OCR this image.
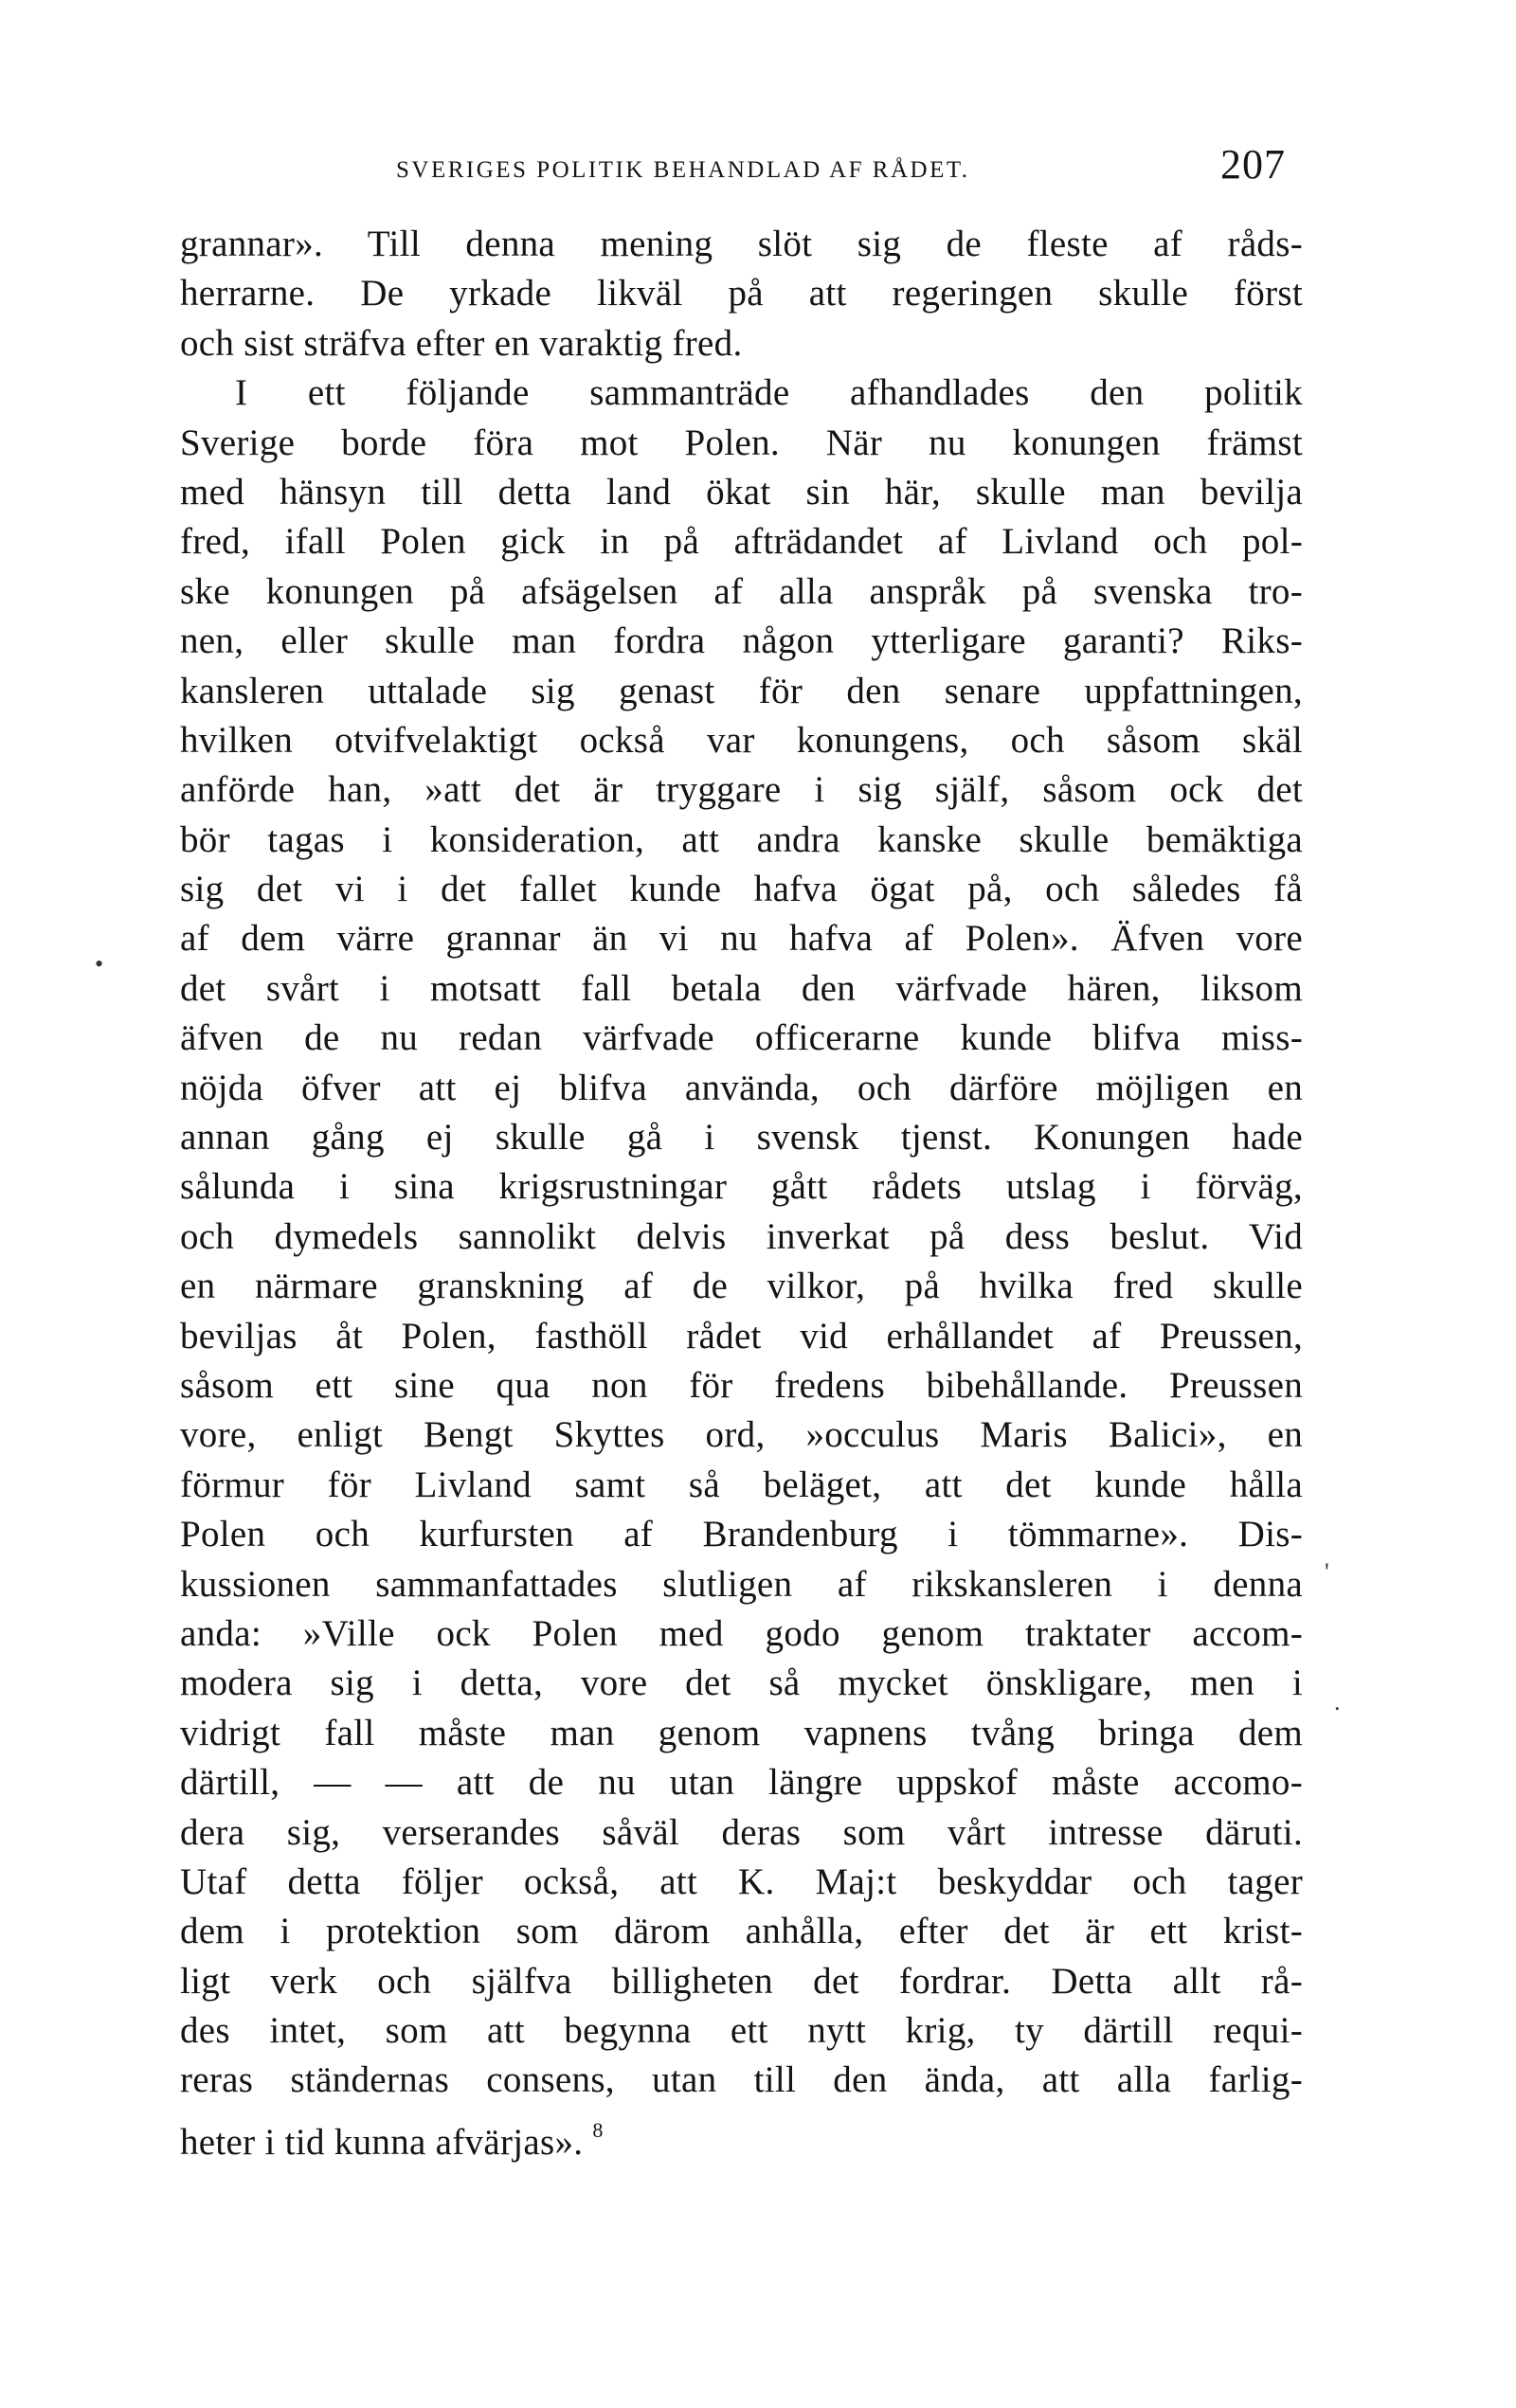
SVERIGES POLITIK BEHANDLAD AF RÅDET.	207
grannar». Till denna mening slöt sig de fleste af råds-
herrarne. De yrkade likväl på att regeringen skulle först
och sist sträfva efter en varaktig fred.
I ett följande sammanträde afhandlades den politik
Sverige borde föra mot Polen. När nu konungen främst
med hänsyn till detta land ökat sin här, skulle man bevilja
fred, ifall Polen gick in på afträdandet af Livland och pol-
ske konungen på afsägelsen af alla anspråk på svenska tro-
nen, eller skulle man fordra någon ytterligare garanti? Riks-
kansleren uttalade sig genast för den senare uppfattningen,
hvilken otvifvelaktigt också var konungens, och såsom skäl
anförde han, »att det är tryggare i sig själf, såsom ock det
bör tagas i konsideration, att andra kanske skulle bemäktiga
sig det vi i det fallet kunde hafva ögat på, och således få
af dem värre grannar än vi nu hafva af Polen». Äfven vore
det svårt i motsatt fall betala den värfvade hären, liksom
äfven de nu redan värfvade officerarne kunde blifva miss-
nöjda öfver att ej blifva använda, och därföre möjligen en
annan gång ej skulle gå i svensk tjenst. Konungen hade
sålunda i sina krigsrustningar gått rådets utslag i förväg,
och dymedels sannolikt delvis inverkat på dess beslut. Vid
en närmare granskning af de vilkor, på hvilka fred skulle
beviljas åt Polen, fasthöll rådet vid erhållandet af Preussen,
såsom ett sine qua non för fredens bibehållande. Preussen
vore, enligt Bengt Skyttes ord, »occulus Maris Balici», en
förmur för Livland samt så beläget, att det kunde hålla
Polen och kurfursten af Brandenburg i tömmarne». Dis-
kussionen sammanfattades slutligen af rikskansleren i denna
anda: »Ville ock Polen med godo genom traktater accom-
modera sig i detta, vore det så mycket önskligare, men i
vidrigt fall måste man genom vapnens tvång bringa dem
därtill, — — att de nu utan längre uppskof måste accomo-
dera sig, verserandes såväl deras som vårt intresse däruti.
Utaf detta följer också, att K. Maj:t beskyddar och tager
dem i protektion som därom anhålla, efter det är ett krist-
ligt verk och själfva billigheten det fordrar. Detta allt rå-
des intet, som att begynna ett nytt krig, ty därtill requi-
reras ständernas consens, utan till den ända, att alla farlig-
heter i tid kunna afvärjas». $^8$
•
'
.
